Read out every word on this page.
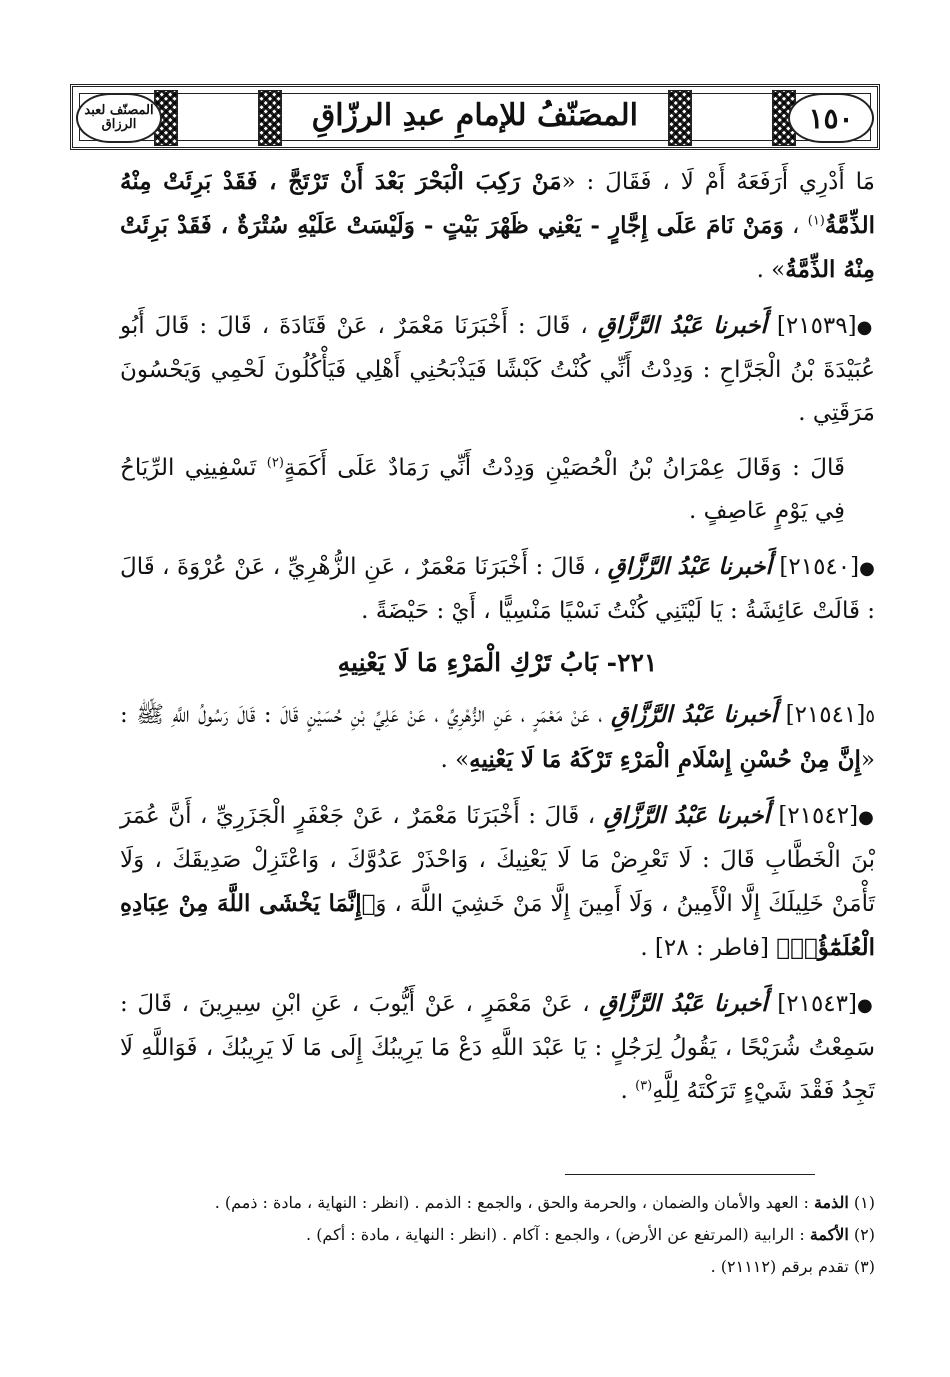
١٥٠
المصنّف لعبد الرزاق	المصَنّفُ للإمامِ عبدِ الرزّاقِ

مَا أَدْرِي أَرَفَعَهُ أَمْ لَا ، فَقَالَ : «مَنْ رَكِبَ الْبَحْرَ بَعْدَ أَنْ تَرْتَجَّ ، فَقَدْ بَرِئَتْ مِنْهُ الذِّمَّةُ$^{(١)}$ ، وَمَنْ نَامَ عَلَى إِجَّارٍ - يَعْنِي ظَهْرَ بَيْتٍ - وَلَيْسَتْ عَلَيْهِ سُتْرَةٌ ، فَقَدْ بَرِئَتْ مِنْهُ الذِّمَّةُ» .

●[٢١٥٣٩] أَخبرنا عَبْدُ الرَّزَّاقِ ، قَالَ : أَخْبَرَنَا مَعْمَرٌ ، عَنْ قَتَادَةَ ، قَالَ : قَالَ أَبُو عُبَيْدَةَ بْنُ الْجَرَّاحِ : وَدِدْتُ أَنِّي كُنْتُ كَبْشًا فَيَذْبَحُنِي أَهْلِي فَيَأْكُلُونَ لَحْمِي وَيَحْسُونَ مَرَقَتِي .

قَالَ : وَقَالَ عِمْرَانُ بْنُ الْحُصَيْنِ وَدِدْتُ أَنِّي رَمَادٌ عَلَى أَكَمَةٍ$^{(٢)}$ تَسْفِينِي الرِّيَاحُ فِي يَوْمٍ عَاصِفٍ .

●[٢١٥٤٠] أَخبرنا عَبْدُ الرَّزَّاقِ ، قَالَ : أَخْبَرَنَا مَعْمَرٌ ، عَنِ الزُّهْرِيِّ ، عَنْ عُرْوَةَ ، قَالَ : قَالَتْ عَائِشَةُ : يَا لَيْتَنِي كُنْتُ نَسْيًا مَنْسِيًّا ، أَيْ : حَيْضَةً .

٢٢١- بَابُ تَرْكِ الْمَرْءِ مَا لَا يَعْنِيهِ

٥[٢١٥٤١] أَخبرنا عَبْدُ الرَّزَّاقِ ، عَنْ مَعْمَرٍ ، عَنِ الزُّهْرِيِّ ، عَنْ عَلِيِّ بْنِ حُسَيْنٍ قَالَ : قَالَ رَسُولُ اللَّهِ ﷺ : «إِنَّ مِنْ حُسْنِ إِسْلَامِ الْمَرْءِ تَرْكَهُ مَا لَا يَعْنِيهِ» .

●[٢١٥٤٢] أَخبرنا عَبْدُ الرَّزَّاقِ ، قَالَ : أَخْبَرَنَا مَعْمَرٌ ، عَنْ جَعْفَرٍ الْجَزَرِيِّ ، أَنَّ عُمَرَ بْنَ الْخَطَّابِ قَالَ : لَا تَعْرِضْ مَا لَا يَعْنِيكَ ، وَاحْذَرْ عَدُوَّكَ ، وَاعْتَزِلْ صَدِيقَكَ ، وَلَا تَأْمَنْ خَلِيلَكَ إِلَّا الْأَمِينُ ، وَلَا أَمِينَ إِلَّا مَنْ خَشِيَ اللَّهَ ، وَ﴿إِنَّمَا يَخْشَى اللَّهَ مِنْ عِبَادِهِ الْعُلَمَٰٓؤُا۟﴾ [فاطر : ٢٨] .

●[٢١٥٤٣] أَخبرنا عَبْدُ الرَّزَّاقِ ، عَنْ مَعْمَرٍ ، عَنْ أَيُّوبَ ، عَنِ ابْنِ سِيرِينَ ، قَالَ : سَمِعْتُ شُرَيْحًا ، يَقُولُ لِرَجُلٍ : يَا عَبْدَ اللَّهِ دَعْ مَا يَرِيبُكَ إِلَى مَا لَا يَرِيبُكَ ، فَوَاللَّهِ لَا تَجِدُ فَقْدَ شَيْءٍ تَرَكْتَهُ لِلَّهِ$^{(٣)}$ .

(١) الذمة : العهد والأمان والضمان ، والحرمة والحق ، والجمع : الذمم . (انظر : النهاية ، مادة : ذمم) .

(٢) الأكمة : الرابية (المرتفع عن الأرض) ، والجمع : آكام . (انظر : النهاية ، مادة : أكم) .

(٣) تقدم برقم (٢١١١٢) .
